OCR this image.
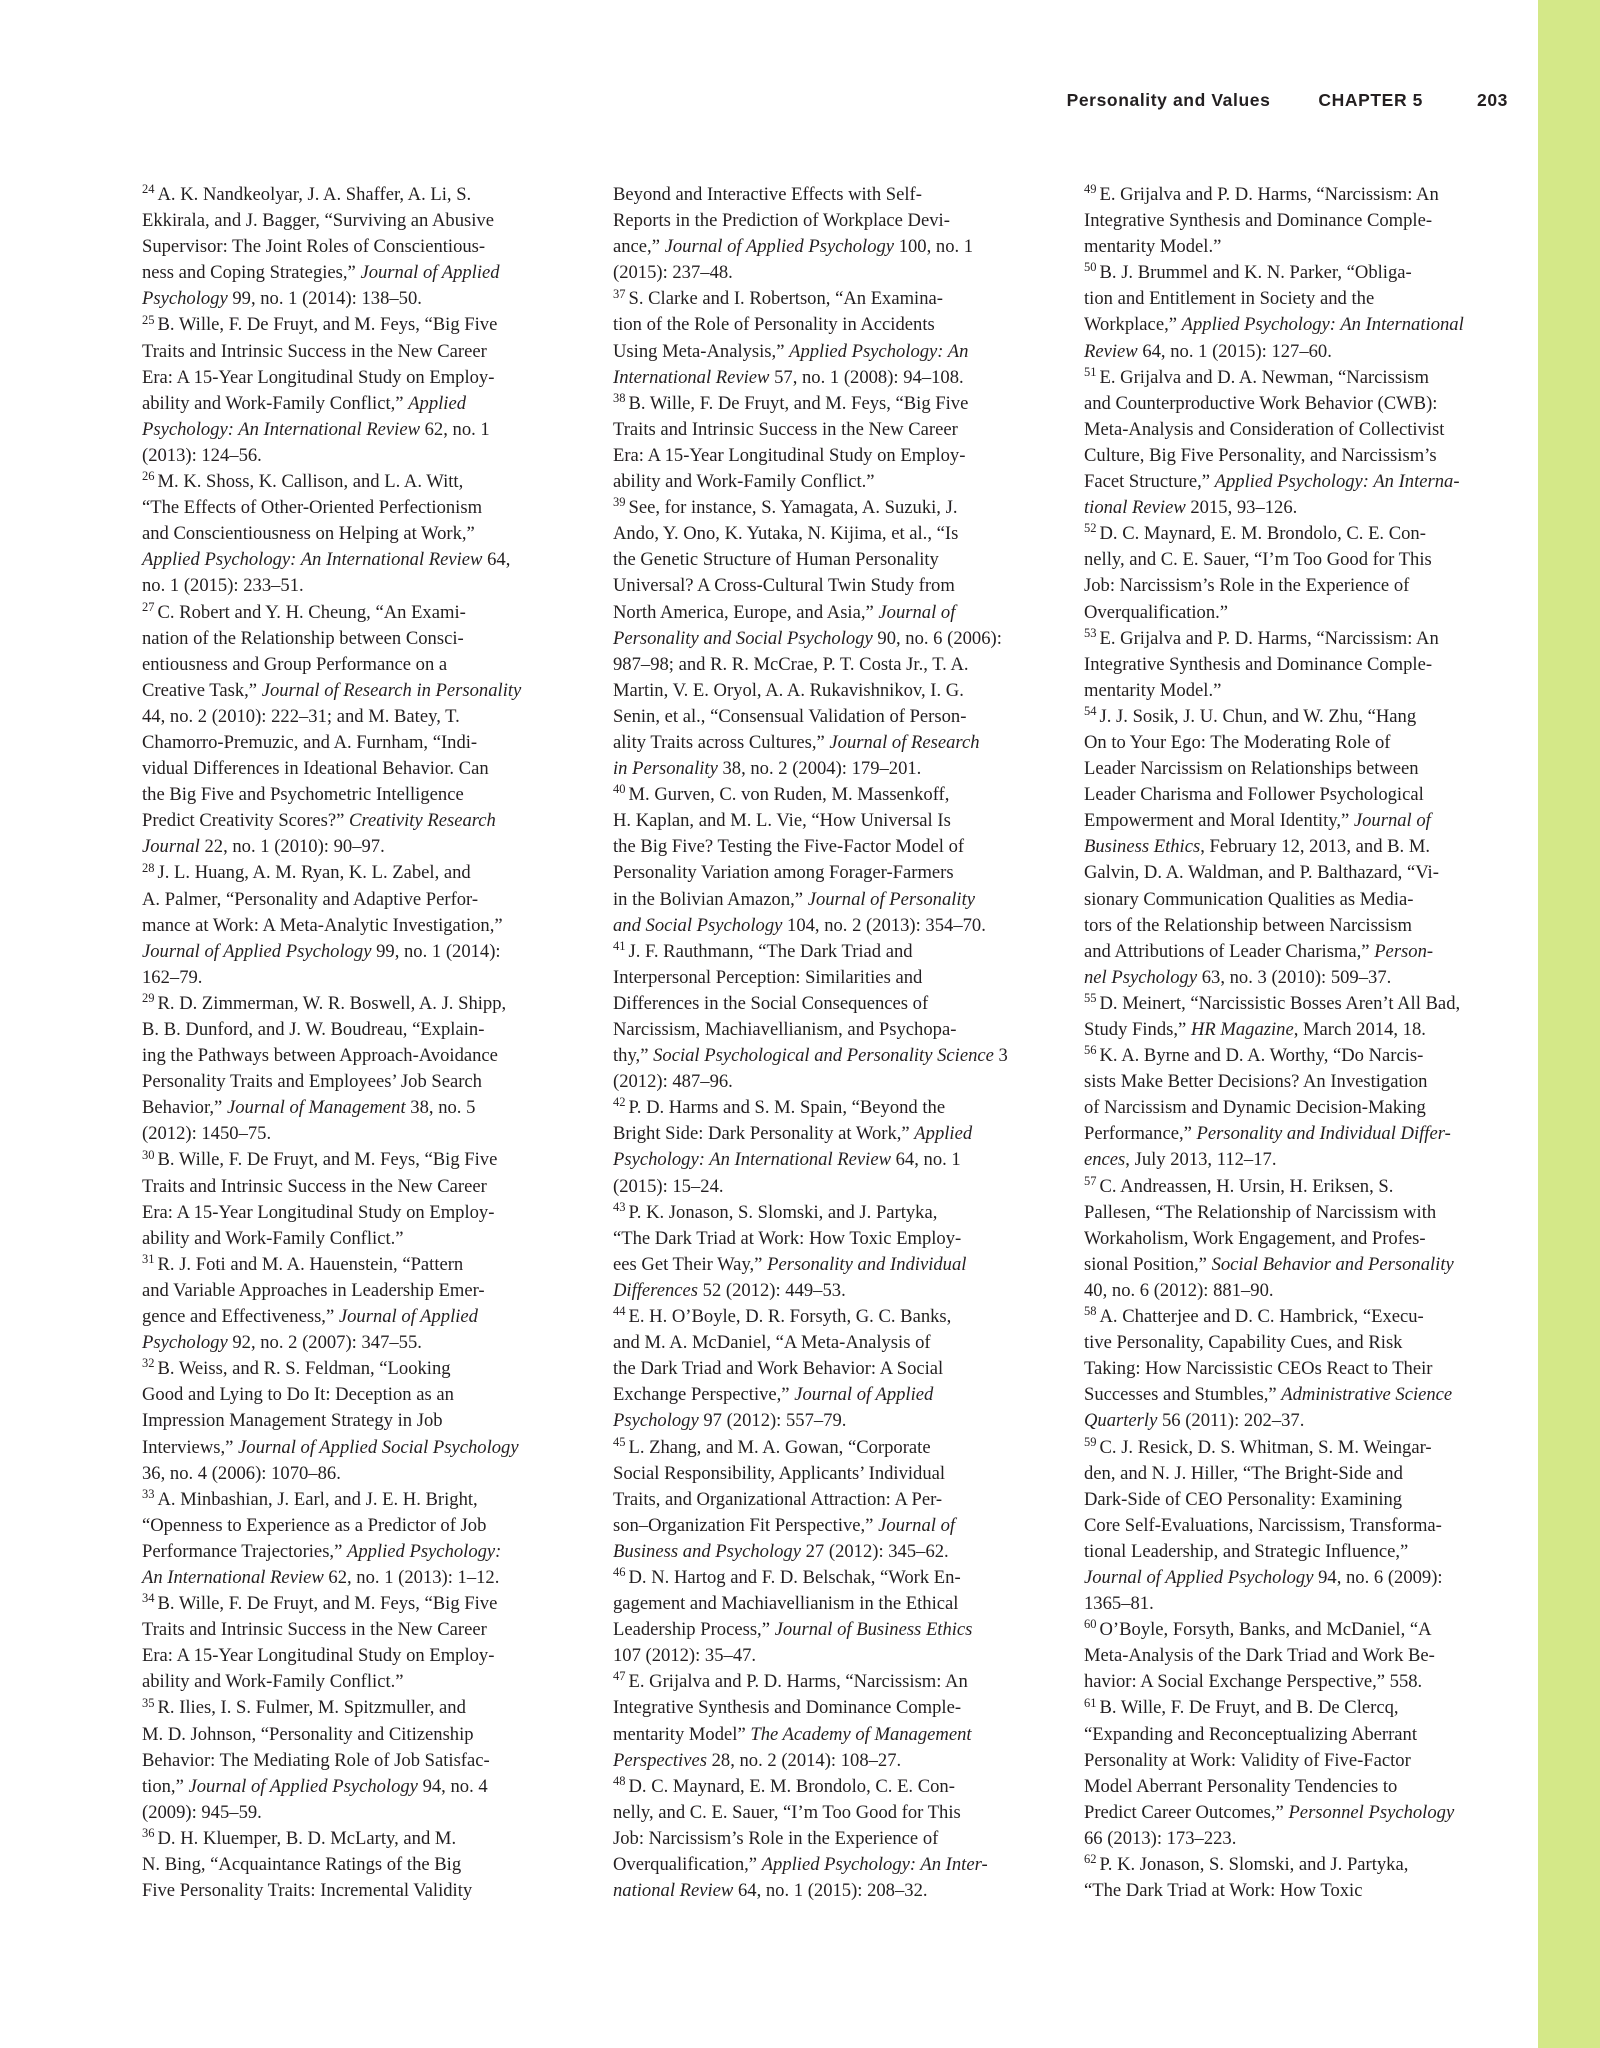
Personality and Values	CHAPTER 5	203
$^{24}$ A. K. Nandkeolyar, J. A. Shaffer, A. Li, S.
Ekkirala, and J. Bagger, “Surviving an Abusive
Supervisor: The Joint Roles of Conscientious-
ness and Coping Strategies,” Journal of Applied
Psychology 99, no. 1 (2014): 138–50.
$^{25}$ B. Wille, F. De Fruyt, and M. Feys, “Big Five
Traits and Intrinsic Success in the New Career
Era: A 15-Year Longitudinal Study on Employ-
ability and Work-Family Conflict,” Applied
Psychology: An International Review 62, no. 1
(2013): 124–56.
$^{26}$ M. K. Shoss, K. Callison, and L. A. Witt,
“The Effects of Other-Oriented Perfectionism
and Conscientiousness on Helping at Work,”
Applied Psychology: An International Review 64,
no. 1 (2015): 233–51.
$^{27}$ C. Robert and Y. H. Cheung, “An Exami-
nation of the Relationship between Consci-
entiousness and Group Performance on a
Creative Task,” Journal of Research in Personality
44, no. 2 (2010): 222–31; and M. Batey, T.
Chamorro-Premuzic, and A. Furnham, “Indi-
vidual Differences in Ideational Behavior. Can
the Big Five and Psychometric Intelligence
Predict Creativity Scores?” Creativity Research
Journal 22, no. 1 (2010): 90–97.
$^{28}$ J. L. Huang, A. M. Ryan, K. L. Zabel, and
A. Palmer, “Personality and Adaptive Perfor-
mance at Work: A Meta-Analytic Investigation,”
Journal of Applied Psychology 99, no. 1 (2014):
162–79.
$^{29}$ R. D. Zimmerman, W. R. Boswell, A. J. Shipp,
B. B. Dunford, and J. W. Boudreau, “Explain-
ing the Pathways between Approach-Avoidance
Personality Traits and Employees’ Job Search
Behavior,” Journal of Management 38, no. 5
(2012): 1450–75.
$^{30}$ B. Wille, F. De Fruyt, and M. Feys, “Big Five
Traits and Intrinsic Success in the New Career
Era: A 15-Year Longitudinal Study on Employ-
ability and Work-Family Conflict.”
$^{31}$ R. J. Foti and M. A. Hauenstein, “Pattern
and Variable Approaches in Leadership Emer-
gence and Effectiveness,” Journal of Applied
Psychology 92, no. 2 (2007): 347–55.
$^{32}$ B. Weiss, and R. S. Feldman, “Looking
Good and Lying to Do It: Deception as an
Impression Management Strategy in Job
Interviews,” Journal of Applied Social Psychology
36, no. 4 (2006): 1070–86.
$^{33}$ A. Minbashian, J. Earl, and J. E. H. Bright,
“Openness to Experience as a Predictor of Job
Performance Trajectories,” Applied Psychology:
An International Review 62, no. 1 (2013): 1–12.
$^{34}$ B. Wille, F. De Fruyt, and M. Feys, “Big Five
Traits and Intrinsic Success in the New Career
Era: A 15-Year Longitudinal Study on Employ-
ability and Work-Family Conflict.”
$^{35}$ R. Ilies, I. S. Fulmer, M. Spitzmuller, and
M. D. Johnson, “Personality and Citizenship
Behavior: The Mediating Role of Job Satisfac-
tion,” Journal of Applied Psychology 94, no. 4
(2009): 945–59.
$^{36}$ D. H. Kluemper, B. D. McLarty, and M.
N. Bing, “Acquaintance Ratings of the Big
Five Personality Traits: Incremental Validity
Beyond and Interactive Effects with Self-
Reports in the Prediction of Workplace Devi-
ance,” Journal of Applied Psychology 100, no. 1
(2015): 237–48.
$^{37}$ S. Clarke and I. Robertson, “An Examina-
tion of the Role of Personality in Accidents
Using Meta-Analysis,” Applied Psychology: An
International Review 57, no. 1 (2008): 94–108.
$^{38}$ B. Wille, F. De Fruyt, and M. Feys, “Big Five
Traits and Intrinsic Success in the New Career
Era: A 15-Year Longitudinal Study on Employ-
ability and Work-Family Conflict.”
$^{39}$ See, for instance, S. Yamagata, A. Suzuki, J.
Ando, Y. Ono, K. Yutaka, N. Kijima, et al., “Is
the Genetic Structure of Human Personality
Universal? A Cross-Cultural Twin Study from
North America, Europe, and Asia,” Journal of
Personality and Social Psychology 90, no. 6 (2006):
987–98; and R. R. McCrae, P. T. Costa Jr., T. A.
Martin, V. E. Oryol, A. A. Rukavishnikov, I. G.
Senin, et al., “Consensual Validation of Person-
ality Traits across Cultures,” Journal of Research
in Personality 38, no. 2 (2004): 179–201.
$^{40}$ M. Gurven, C. von Ruden, M. Massenkoff,
H. Kaplan, and M. L. Vie, “How Universal Is
the Big Five? Testing the Five-Factor Model of
Personality Variation among Forager-Farmers
in the Bolivian Amazon,” Journal of Personality
and Social Psychology 104, no. 2 (2013): 354–70.
$^{41}$ J. F. Rauthmann, “The Dark Triad and
Interpersonal Perception: Similarities and
Differences in the Social Consequences of
Narcissism, Machiavellianism, and Psychopa-
thy,” Social Psychological and Personality Science 3
(2012): 487–96.
$^{42}$ P. D. Harms and S. M. Spain, “Beyond the
Bright Side: Dark Personality at Work,” Applied
Psychology: An International Review 64, no. 1
(2015): 15–24.
$^{43}$ P. K. Jonason, S. Slomski, and J. Partyka,
“The Dark Triad at Work: How Toxic Employ-
ees Get Their Way,” Personality and Individual
Differences 52 (2012): 449–53.
$^{44}$ E. H. O’Boyle, D. R. Forsyth, G. C. Banks,
and M. A. McDaniel, “A Meta-Analysis of
the Dark Triad and Work Behavior: A Social
Exchange Perspective,” Journal of Applied
Psychology 97 (2012): 557–79.
$^{45}$ L. Zhang, and M. A. Gowan, “Corporate
Social Responsibility, Applicants’ Individual
Traits, and Organizational Attraction: A Per-
son–Organization Fit Perspective,” Journal of
Business and Psychology 27 (2012): 345–62.
$^{46}$ D. N. Hartog and F. D. Belschak, “Work En-
gagement and Machiavellianism in the Ethical
Leadership Process,” Journal of Business Ethics
107 (2012): 35–47.
$^{47}$ E. Grijalva and P. D. Harms, “Narcissism: An
Integrative Synthesis and Dominance Comple-
mentarity Model” The Academy of Management
Perspectives 28, no. 2 (2014): 108–27.
$^{48}$ D. C. Maynard, E. M. Brondolo, C. E. Con-
nelly, and C. E. Sauer, “I’m Too Good for This
Job: Narcissism’s Role in the Experience of
Overqualification,” Applied Psychology: An Inter-
national Review 64, no. 1 (2015): 208–32.
$^{49}$ E. Grijalva and P. D. Harms, “Narcissism: An
Integrative Synthesis and Dominance Comple-
mentarity Model.”
$^{50}$ B. J. Brummel and K. N. Parker, “Obliga-
tion and Entitlement in Society and the
Workplace,” Applied Psychology: An International
Review 64, no. 1 (2015): 127–60.
$^{51}$ E. Grijalva and D. A. Newman, “Narcissism
and Counterproductive Work Behavior (CWB):
Meta-Analysis and Consideration of Collectivist
Culture, Big Five Personality, and Narcissism’s
Facet Structure,” Applied Psychology: An Interna-
tional Review 2015, 93–126.
$^{52}$ D. C. Maynard, E. M. Brondolo, C. E. Con-
nelly, and C. E. Sauer, “I’m Too Good for This
Job: Narcissism’s Role in the Experience of
Overqualification.”
$^{53}$ E. Grijalva and P. D. Harms, “Narcissism: An
Integrative Synthesis and Dominance Comple-
mentarity Model.”
$^{54}$ J. J. Sosik, J. U. Chun, and W. Zhu, “Hang
On to Your Ego: The Moderating Role of
Leader Narcissism on Relationships between
Leader Charisma and Follower Psychological
Empowerment and Moral Identity,” Journal of
Business Ethics, February 12, 2013, and B. M.
Galvin, D. A. Waldman, and P. Balthazard, “Vi-
sionary Communication Qualities as Media-
tors of the Relationship between Narcissism
and Attributions of Leader Charisma,” Person-
nel Psychology 63, no. 3 (2010): 509–37.
$^{55}$ D. Meinert, “Narcissistic Bosses Aren’t All Bad,
Study Finds,” HR Magazine, March 2014, 18.
$^{56}$ K. A. Byrne and D. A. Worthy, “Do Narcis-
sists Make Better Decisions? An Investigation
of Narcissism and Dynamic Decision-Making
Performance,” Personality and Individual Differ-
ences, July 2013, 112–17.
$^{57}$ C. Andreassen, H. Ursin, H. Eriksen, S.
Pallesen, “The Relationship of Narcissism with
Workaholism, Work Engagement, and Profes-
sional Position,” Social Behavior and Personality
40, no. 6 (2012): 881–90.
$^{58}$ A. Chatterjee and D. C. Hambrick, “Execu-
tive Personality, Capability Cues, and Risk
Taking: How Narcissistic CEOs React to Their
Successes and Stumbles,” Administrative Science
Quarterly 56 (2011): 202–37.
$^{59}$ C. J. Resick, D. S. Whitman, S. M. Weingar-
den, and N. J. Hiller, “The Bright-Side and
Dark-Side of CEO Personality: Examining
Core Self-Evaluations, Narcissism, Transforma-
tional Leadership, and Strategic Influence,”
Journal of Applied Psychology 94, no. 6 (2009):
1365–81.
$^{60}$ O’Boyle, Forsyth, Banks, and McDaniel, “A
Meta-Analysis of the Dark Triad and Work Be-
havior: A Social Exchange Perspective,” 558.
$^{61}$ B. Wille, F. De Fruyt, and B. De Clercq,
“Expanding and Reconceptualizing Aberrant
Personality at Work: Validity of Five-Factor
Model Aberrant Personality Tendencies to
Predict Career Outcomes,” Personnel Psychology
66 (2013): 173–223.
$^{62}$ P. K. Jonason, S. Slomski, and J. Partyka,
“The Dark Triad at Work: How Toxic
